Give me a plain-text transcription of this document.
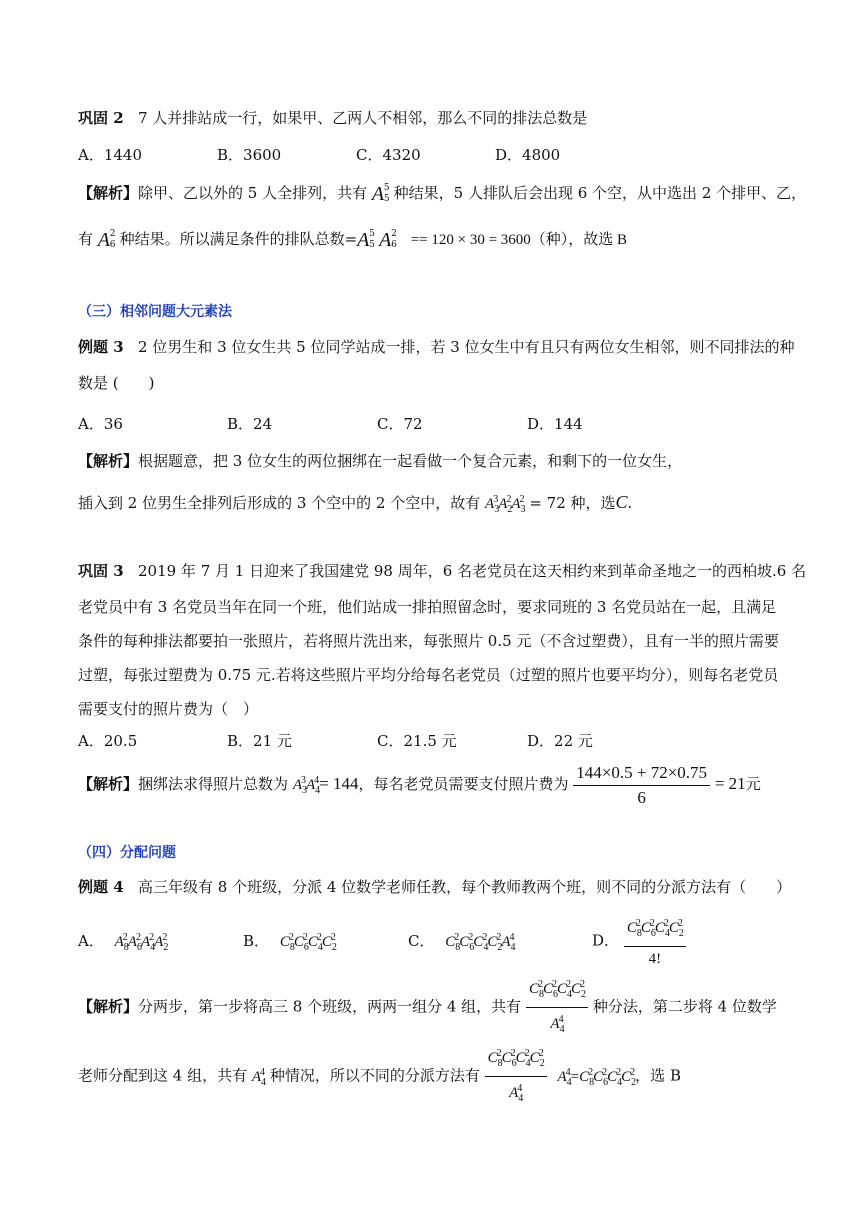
巩固 2 7 人并排站成一行，如果甲、乙两人不相邻，那么不同的排法总数是
A．1440	B．3600	C．4320	D．4800
【解析】除甲、乙以外的 5 人全排列，共有 A 5
5 种结果，5 人排队后会出现 6 个空，从中选出 2 个排甲、乙，
有 A 2
6 种结果。所以满足条件的排队总数=A 5
5 A 2
6 == 120 × 30 = 3600（种），故选 B
（三）相邻问题大元素法
例题 3 2 位男生和 3 位女生共 5 位同学站成一排，若 3 位女生中有且只有两位女生相邻，则不同排法的种
数是 (　　)
A．36	B．24	C．72	D．144
【解析】根据题意，把 3 位女生的两位捆绑在一起看做一个复合元素，和剩下的一位女生，
插入到 2 位男生全排列后形成的 3 个空中的 2 个空中，故有 $A_3^3A_2^2A_3^2 = 72$ 种，选C.
巩固 3 2019 年 7 月 1 日迎来了我国建党 98 周年，6 名老党员在这天相约来到革命圣地之一的西柏坡.6 名
老党员中有 3 名党员当年在同一个班，他们站成一排拍照留念时，要求同班的 3 名党员站在一起，且满足
条件的每种排法都要拍一张照片，若将照片洗出来，每张照片 0.5 元（不含过塑费），且有一半的照片需要
过塑，每张过塑费为 0.75 元.若将这些照片平均分给每名老党员（过塑的照片也要平均分），则每名老党员
需要支付的照片费为（　）
A．20.5	B．21 元	C．21.5 元	D．22 元
【解析】捆绑法求得照片总数为 $A_3^3A_4^4= 144$，每名老党员需要支付照片费为 $\frac{144\times 0.5 + 72\times 0.75}{6} = 21$元
（四）分配问题
例题 4 高三年级有 8 个班级，分派 4 位数学老师任教，每个教师教两个班，则不同的分派方法有（　　）
A． $A_8^2A_6^2A_4^2A_2^2$	B． $C_8^2C_6^2C_4^2C_2^2$	C． $C_8^2C_6^2C_4^2C_2^2A_4^4$	D． $\frac{C_8^2C_6^2C_4^2C_2^2}{4!}$
【解析】分两步，第一步将高三 8 个班级，两两一组分 4 组，共有 $\frac{C_8^2C_6^2C_4^2C_2^2}{A_4^4}$ 种分法，第二步将 4 位数学
老师分配到这 4 组，共有 $A_4^4$ 种情况，所以不同的分派方法有 $\frac{C_8^2C_6^2C_4^2C_2^2}{A_4^4} A_4^4=C_8^2C_6^2C_4^2C_2^2$，选 B
